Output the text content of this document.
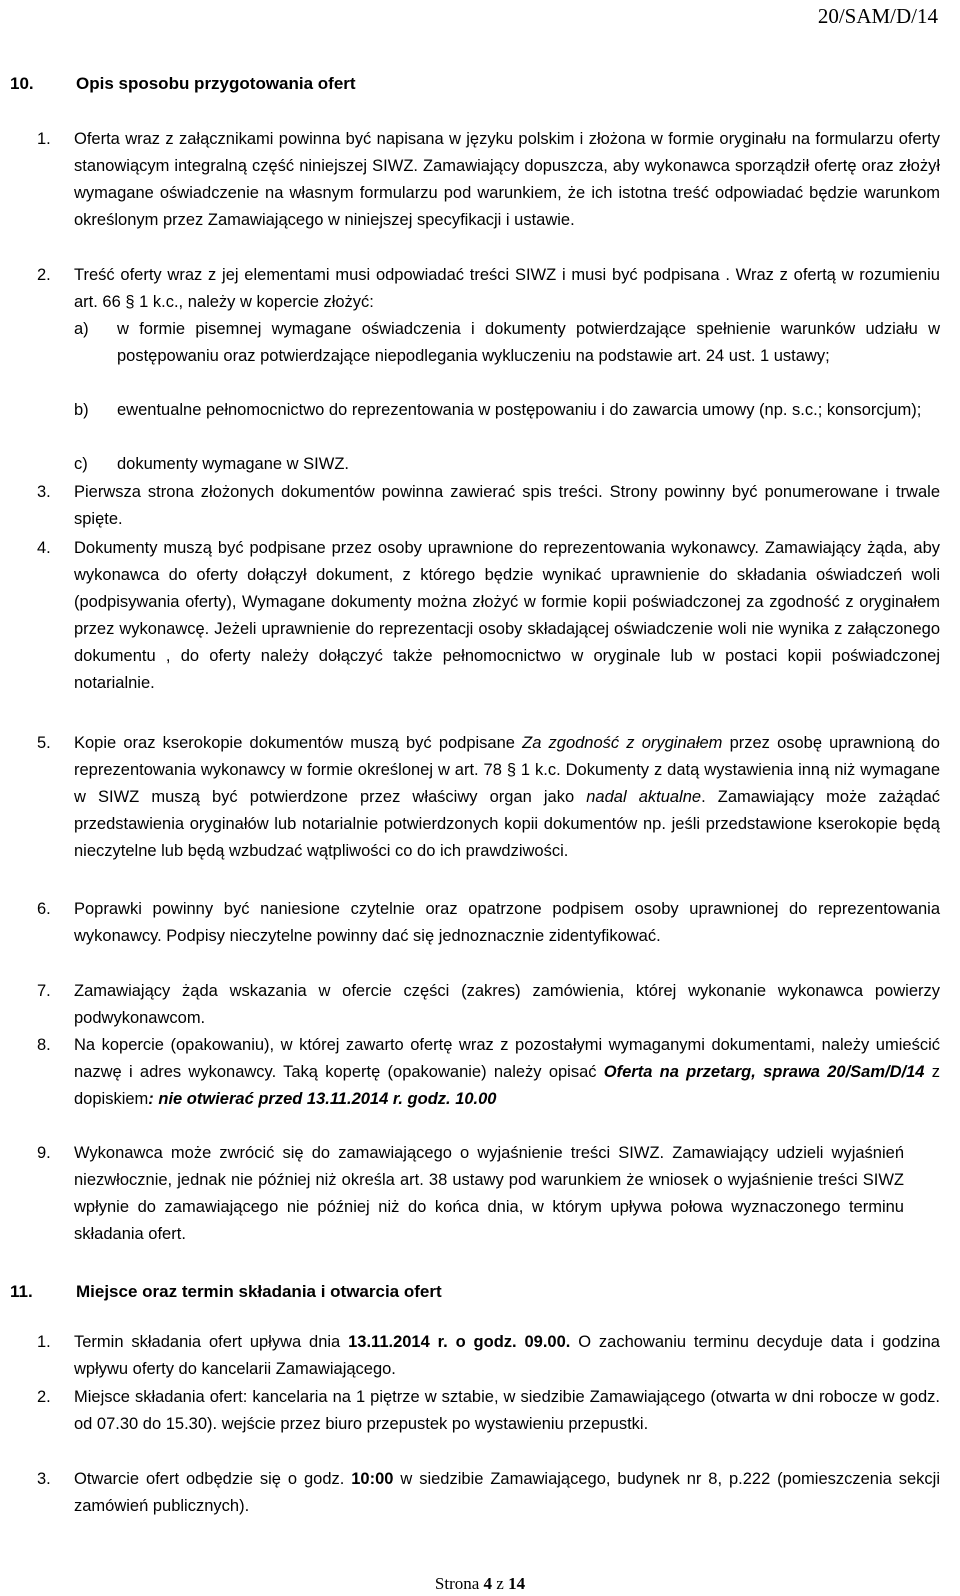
20/SAM/D/14
10. Opis sposobu przygotowania ofert
1. Oferta wraz z załącznikami powinna być napisana w języku polskim i złożona w formie oryginału na formularzu oferty stanowiącym integralną część niniejszej SIWZ. Zamawiający dopuszcza, aby wykonawca sporządził ofertę oraz złożył wymagane oświadczenie na własnym formularzu pod warunkiem, że ich istotna treść odpowiadać będzie warunkom określonym przez Zamawiającego w niniejszej specyfikacji i ustawie.
2. Treść oferty wraz z jej elementami musi odpowiadać treści SIWZ i musi być podpisana . Wraz z ofertą w rozumieniu art. 66 § 1 k.c., należy w kopercie złożyć:
a) w formie pisemnej wymagane oświadczenia i dokumenty potwierdzające spełnienie warunków udziału w postępowaniu oraz potwierdzające niepodlegania wykluczeniu na podstawie art. 24 ust. 1 ustawy;
b) ewentualne pełnomocnictwo do reprezentowania w postępowaniu i do zawarcia umowy (np. s.c.; konsorcjum);
c) dokumenty wymagane w SIWZ.
3. Pierwsza strona złożonych dokumentów powinna zawierać spis treści. Strony powinny być ponumerowane i trwale spięte.
4. Dokumenty muszą być podpisane przez osoby uprawnione do reprezentowania wykonawcy. Zamawiający żąda, aby wykonawca do oferty dołączył dokument, z którego będzie wynikać uprawnienie do składania oświadczeń woli (podpisywania oferty), Wymagane dokumenty można złożyć w formie kopii poświadczonej za zgodność z oryginałem przez wykonawcę. Jeżeli uprawnienie do reprezentacji osoby składającej oświadczenie woli nie wynika z załączonego dokumentu , do oferty należy dołączyć także pełnomocnictwo w oryginale lub w postaci kopii poświadczonej notarialnie.
5. Kopie oraz kserokopie dokumentów muszą być podpisane Za zgodność z oryginałem przez osobę uprawnioną do reprezentowania wykonawcy w formie określonej w art. 78 § 1 k.c. Dokumenty z datą wystawienia inną niż wymagane w SIWZ muszą być potwierdzone przez właściwy organ jako nadal aktualne. Zamawiający może zażądać przedstawienia oryginałów lub notarialnie potwierdzonych kopii dokumentów np. jeśli przedstawione kserokopie będą nieczytelne lub będą wzbudzać wątpliwości co do ich prawdziwości.
6. Poprawki powinny być naniesione czytelnie oraz opatrzone podpisem osoby uprawnionej do reprezentowania wykonawcy. Podpisy nieczytelne powinny dać się jednoznacznie zidentyfikować.
7. Zamawiający żąda wskazania w ofercie części (zakres) zamówienia, której wykonanie wykonawca powierzy podwykonawcom.
8. Na kopercie (opakowaniu), w której zawarto ofertę wraz z pozostałymi wymaganymi dokumentami, należy umieścić nazwę i adres wykonawcy. Taką kopertę (opakowanie) należy opisać Oferta na przetarg, sprawa 20/Sam/D/14 z dopiskiem: nie otwierać przed 13.11.2014 r. godz. 10.00
9. Wykonawca może zwrócić się do zamawiającego o wyjaśnienie treści SIWZ. Zamawiający udzieli wyjaśnień niezwłocznie, jednak nie później niż określa art. 38 ustawy pod warunkiem że wniosek o wyjaśnienie treści SIWZ wpłynie do zamawiającego nie później niż do końca dnia, w którym upływa połowa wyznaczonego terminu składania ofert.
11.	Miejsce oraz termin składania i otwarcia ofert
1. Termin składania ofert upływa dnia 13.11.2014 r. o godz. 09.00. O zachowaniu terminu decyduje data i godzina wpływu oferty do kancelarii Zamawiającego.
2. Miejsce składania ofert: kancelaria na 1 piętrze w sztabie, w siedzibie Zamawiającego (otwarta w dni robocze w godz. od 07.30 do 15.30). wejście przez biuro przepustek po wystawieniu przepustki.
3. Otwarcie ofert odbędzie się o godz. 10:00 w siedzibie Zamawiającego, budynek nr 8, p.222 (pomieszczenia sekcji zamówień publicznych).
Strona 4 z 14
